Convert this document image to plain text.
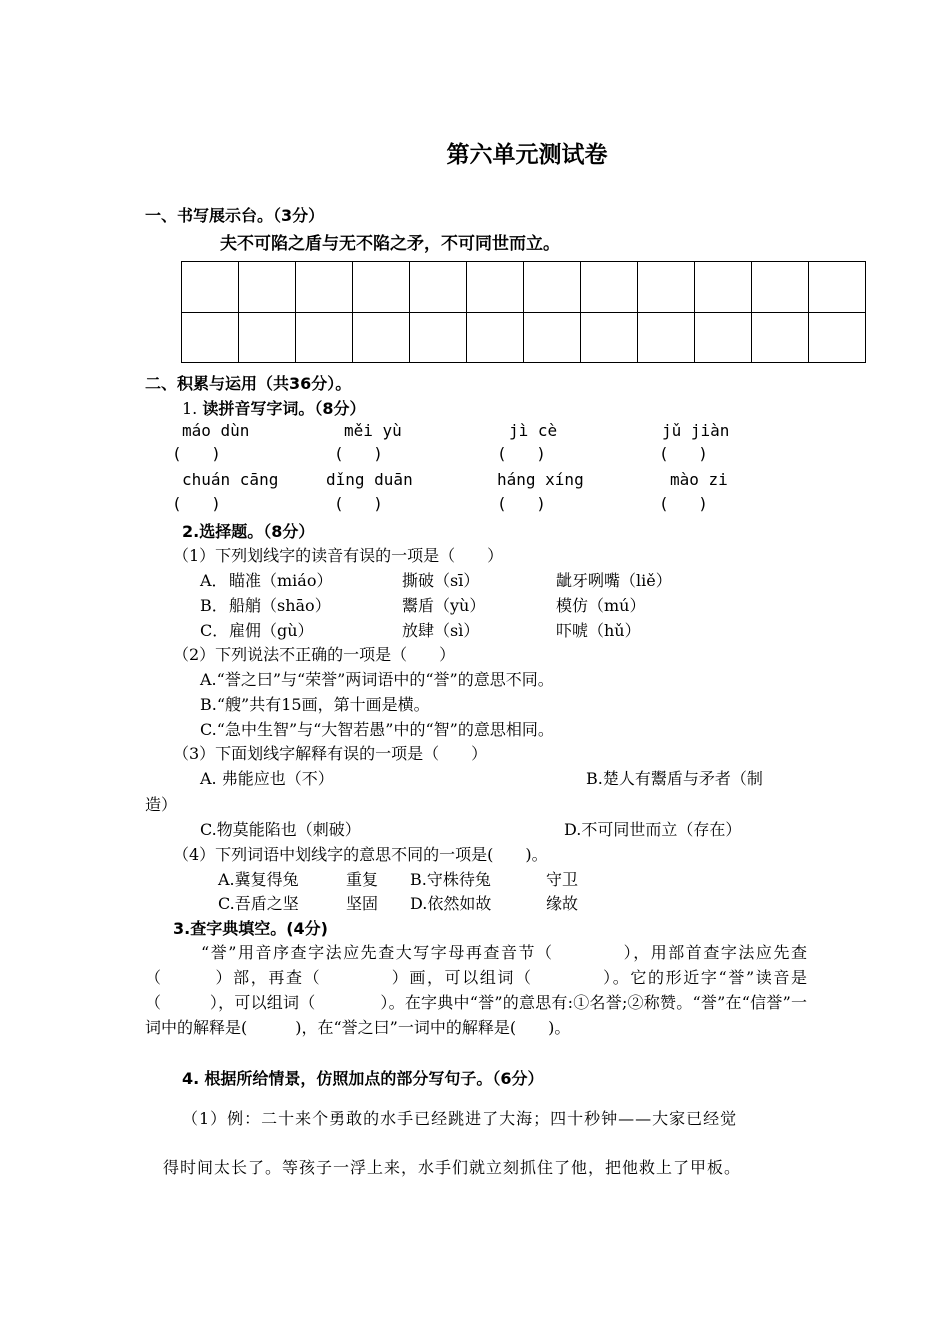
第六单元测试卷
一、书写展示台。（3分）
夫不可陷之盾与无不陷之矛，不可同世而立。

二、积累与运用（共36分）。
1. 读拼音写字词。（8分）
máo dùn	měi yù	jì cè	jǔ jiàn
( )	( )	( )	( )
chuán cāng	dǐng duān	háng xíng	mào zi
( )	( )	( )	( )
2.选择题。（8分）
（1）下列划线字的读音有误的一项是（　　）
A． 瞄准（miáo）	撕破（sī）	龇牙咧嘴（liě）
B． 船艄（shāo）	鬻盾（yù）	模仿（mú）
C． 雇佣（gù）	放肆（sì）	吓唬（hǔ）
（2）下列说法不正确的一项是（　　）
A.“誉之曰”与“荣誉”两词语中的“誉”的意思不同。
B.“艘”共有15画，第十画是横。
C.“急中生智”与“大智若愚”中的“智”的意思相同。
（3）下面划线字解释有误的一项是（　　）
A. 弗能应也（不）	B.楚人有鬻盾与矛者（制
造）
C.物莫能陷也（刺破）	D.不可同世而立（存在）
（4）下列词语中划线字的意思不同的一项是(　　)。
A.冀复得兔	重复 B.守株待兔	守卫
C.吾盾之坚	坚固 D.依然如故	缘故
3.查字典填空。(4分)
“誉”用音序查字法应先查大写字母再查音节（　　　　），用部首查字法应先查（　　　）部，再查（　　　　）画，可以组词（　　　　）。它的形近字“誉”读音是（　　　），可以组词（　　　　）。在字典中“誉”的意思有:①名誉;②称赞。“誉”在“信誉”一词中的解释是(　　　)，在“誉之曰”一词中的解释是(　　)。
4. 根据所给情景，仿照加点的部分写句子。（6分）
（1）例：二十来个勇敢的水手已经跳进了大海；四十秒钟——大家已经觉
得时间太长了。等孩子一浮上来，水手们就立刻抓住了他，把他救上了甲板。
